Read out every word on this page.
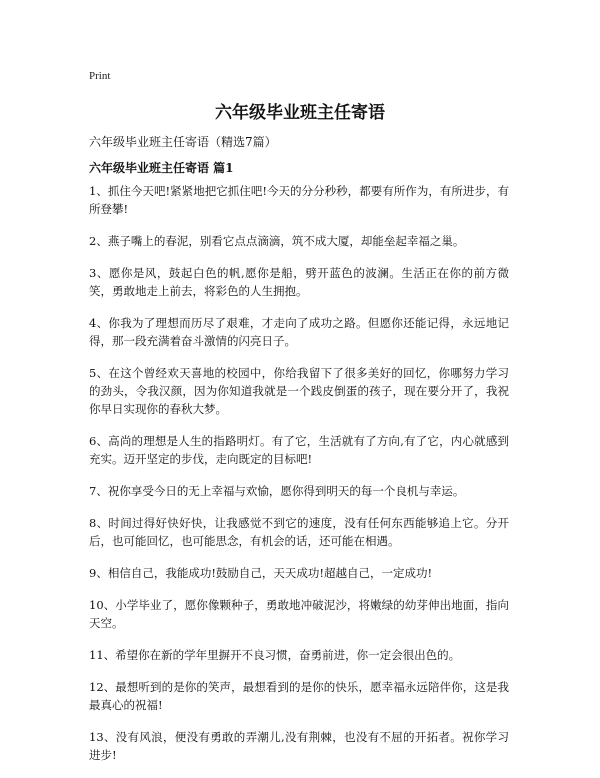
Print
六年级毕业班主任寄语

六年级毕业班主任寄语（精选7篇）

六年级毕业班主任寄语 篇1
1、抓住今天吧!紧紧地把它抓住吧!今天的分分秒秒，都要有所作为，有所进步，有所登攀!
2、燕子嘴上的春泥，别看它点点滴滴，筑不成大厦，却能垒起幸福之巢。
3、愿你是风，鼓起白色的帆,愿你是船，劈开蓝色的波澜。生活正在你的前方微笑，勇敢地走上前去，将彩色的人生拥抱。
4、你我为了理想而历尽了艰难，才走向了成功之路。但愿你还能记得，永远地记得，那一段充满着奋斗激情的闪亮日子。
5、在这个曾经欢天喜地的校园中，你给我留下了很多美好的回忆，你哪努力学习的劲头，令我汉颜，因为你知道我就是一个践皮倒蛋的孩子，现在要分开了，我祝你早日实现你的春秋大梦。
6、高尚的理想是人生的指路明灯。有了它，生活就有了方向,有了它，内心就感到充实。迈开坚定的步伐，走向既定的目标吧!
7、祝你享受今日的无上幸福与欢愉，愿你得到明天的每一个良机与幸运。
8、时间过得好快好快，让我感觉不到它的速度，没有任何东西能够追上它。分开后，也可能回忆，也可能思念，有机会的话，还可能在相遇。
9、相信自己，我能成功!鼓励自己，天天成功!超越自己，一定成功!
10、小学毕业了，愿你像颗种子，勇敢地冲破泥沙，将嫩绿的幼芽伸出地面，指向天空。
11、希望你在新的学年里摒开不良习惯，奋勇前进，你一定会很出色的。
12、最想听到的是你的笑声，最想看到的是你的快乐，愿幸福永远陪伴你，这是我最真心的祝福!
13、没有风浪，便没有勇敢的弄潮儿,没有荆棘，也没有不屈的开拓者。祝你学习进步!
